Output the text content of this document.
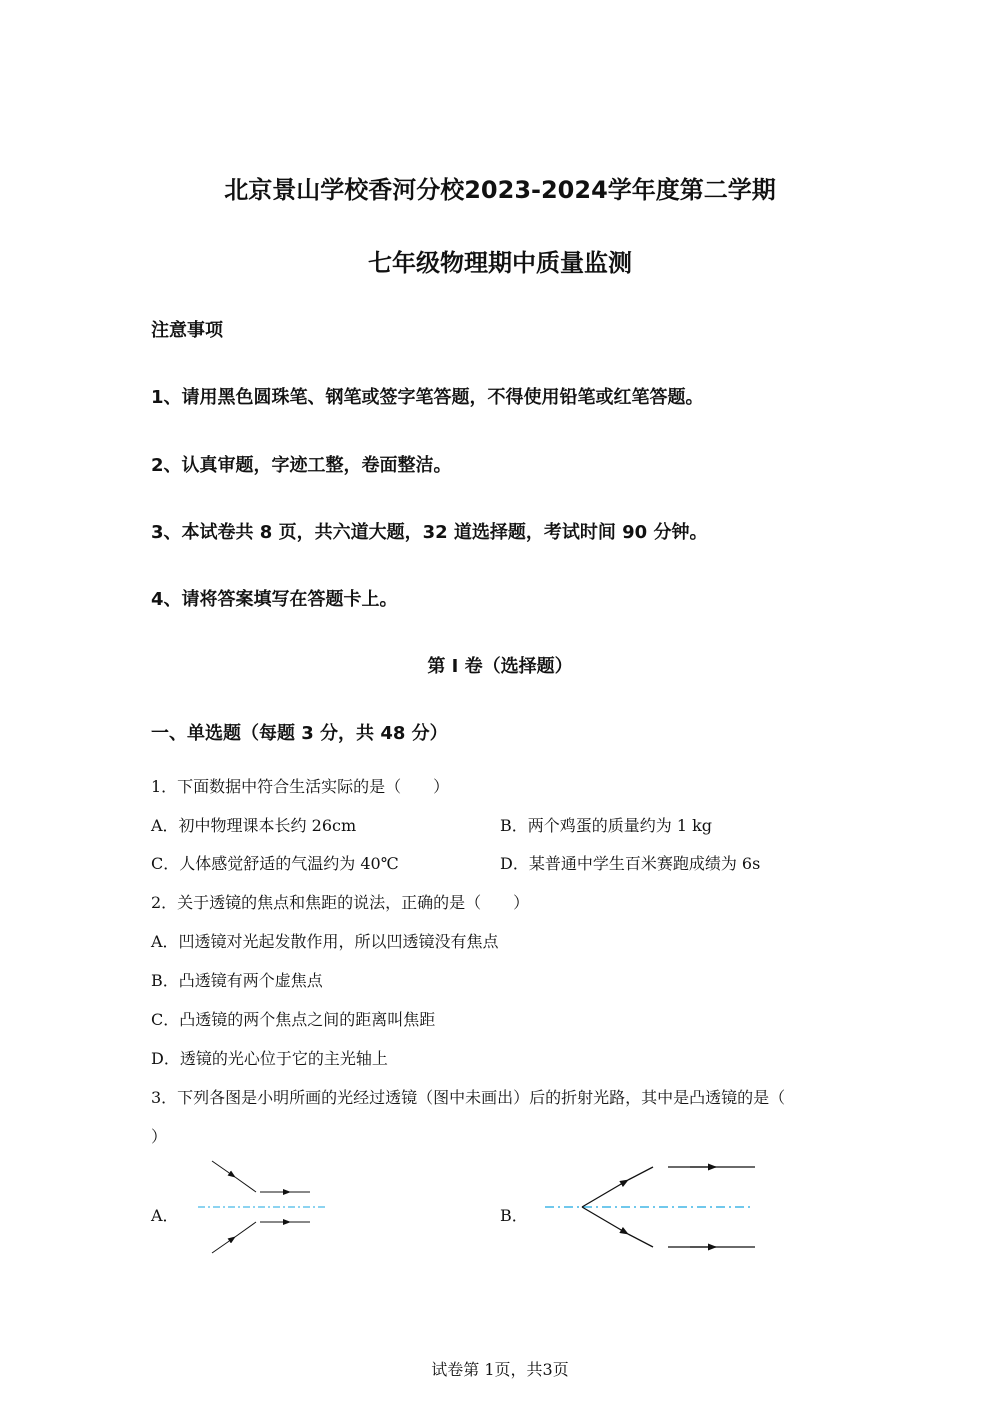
北京景山学校香河分校2023-2024学年度第二学期
七年级物理期中质量监测
注意事项
1、请用黑色圆珠笔、钢笔或签字笔答题，不得使用铅笔或红笔答题。
2、认真审题，字迹工整，卷面整洁。
3、本试卷共 8 页，共六道大题，32 道选择题，考试时间 90 分钟。
4、请将答案填写在答题卡上。
第 I 卷（选择题）
一、单选题（每题 3 分，共 48 分）
1．下面数据中符合生活实际的是（　　）
A．初中物理课本长约 26cm	B．两个鸡蛋的质量约为 1 kg
C．人体感觉舒适的气温约为 40℃	D．某普通中学生百米赛跑成绩为 6s
2．关于透镜的焦点和焦距的说法，正确的是（　　）
A．凹透镜对光起发散作用，所以凹透镜没有焦点
B．凸透镜有两个虚焦点
C．凸透镜的两个焦点之间的距离叫焦距
D．透镜的光心位于它的主光轴上
3．下列各图是小明所画的光经过透镜（图中未画出）后的折射光路，其中是凸透镜的是（
）
A．	B．
试卷第 1页，共3页
